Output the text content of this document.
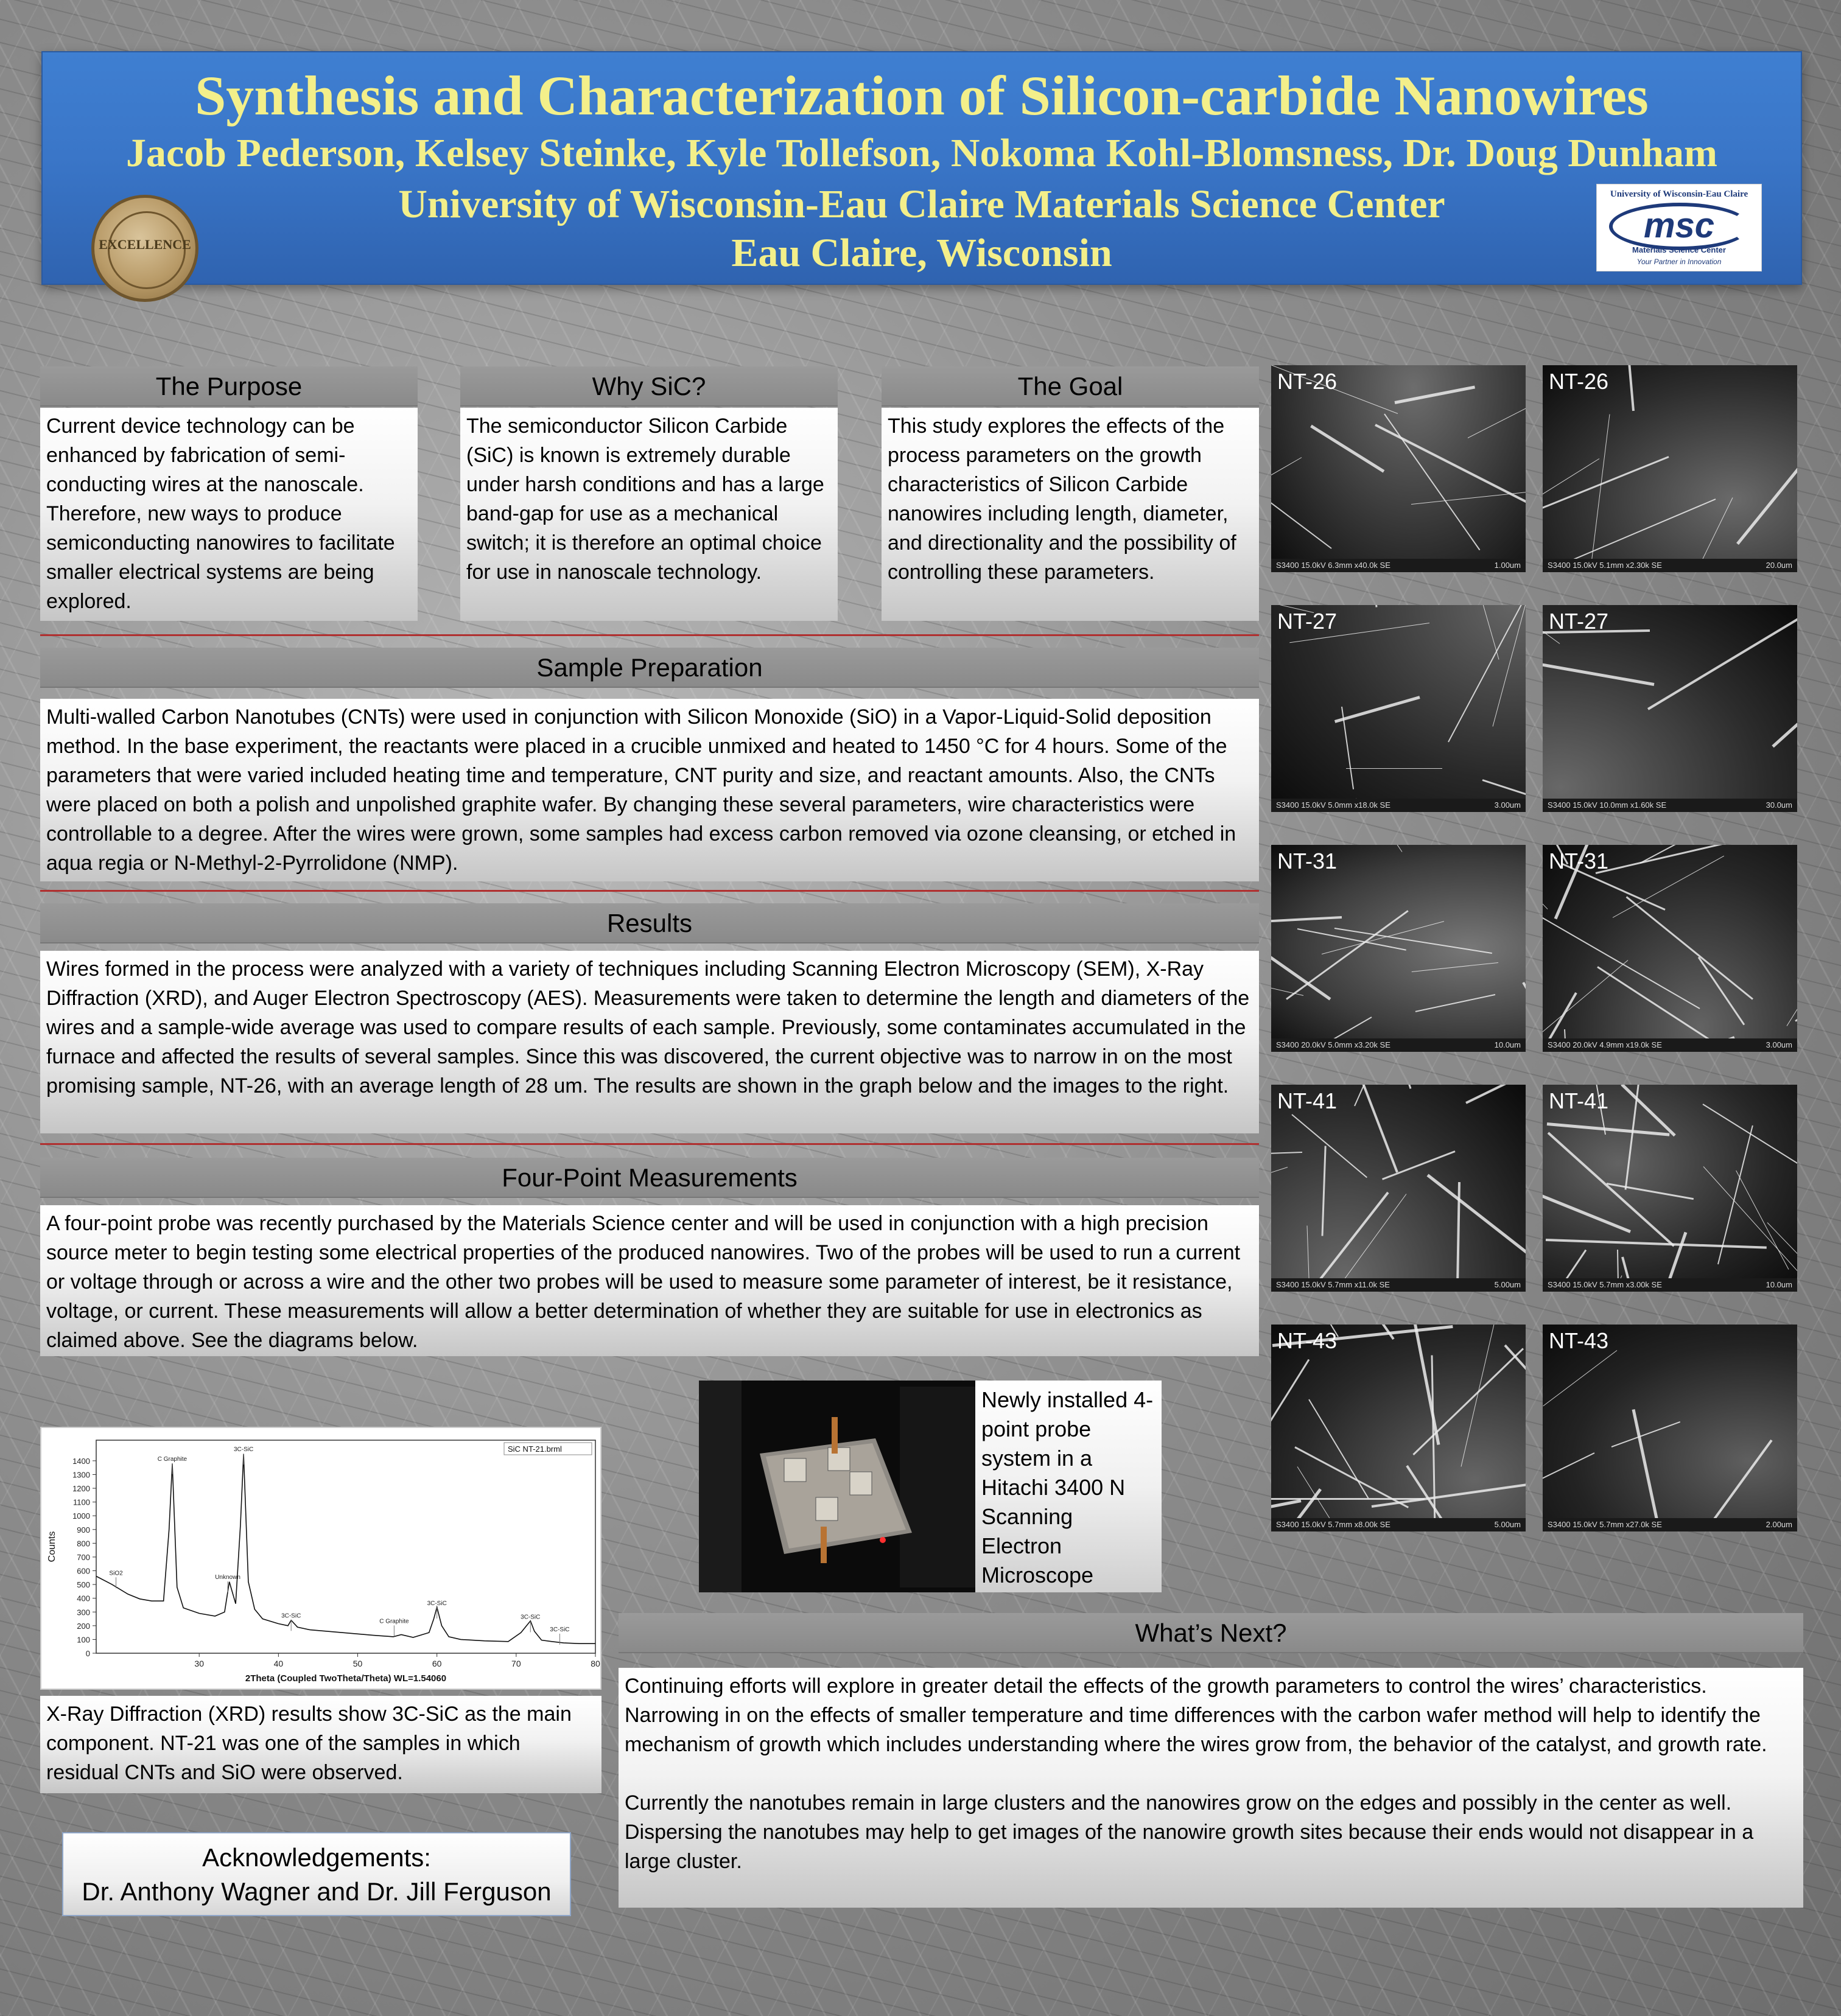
Synthesis and Characterization of Silicon-carbide Nanowires
Jacob Pederson, Kelsey Steinke, Kyle Tollefson, Nokoma Kohl-Blomsness, Dr. Doug Dunham
University of Wisconsin-Eau Claire Materials Science Center
Eau Claire, Wisconsin
EXCELLENCE
University of Wisconsin-Eau Claire
msc
Materials Science Center
Your Partner in Innovation
The Purpose
Current device technology can be enhanced by fabrication of semi-conducting wires at the nanoscale. Therefore, new ways to produce semiconducting nanowires to facilitate smaller electrical systems are being explored.
Why SiC?
The semiconductor Silicon Carbide (SiC) is known is extremely durable under harsh conditions and has a large band-gap for use as a mechanical switch; it is therefore an optimal choice for use in nanoscale technology.
The Goal
This study explores the effects of the process parameters on the growth characteristics of Silicon Carbide nanowires including length, diameter, and directionality and the possibility of controlling these parameters.
Sample Preparation
Multi-walled Carbon Nanotubes (CNTs) were used in conjunction with Silicon Monoxide (SiO) in a Vapor-Liquid-Solid deposition method. In the base experiment, the reactants were placed in a crucible unmixed and heated to 1450 °C for 4 hours. Some of the parameters that were varied included heating time and temperature, CNT purity and size, and reactant amounts. Also, the CNTs were placed on both a polish and unpolished graphite wafer. By changing these several parameters, wire characteristics were controllable to a degree. After the wires were grown, some samples had excess carbon removed via ozone cleansing, or etched in aqua regia or N-Methyl-2-Pyrrolidone (NMP).
Results
Wires formed in the process were analyzed with a variety of techniques including Scanning Electron Microscopy (SEM), X-Ray Diffraction (XRD), and Auger Electron Spectroscopy (AES). Measurements were taken to determine the length and diameters of the wires and a sample-wide average was used to compare results of each sample. Previously, some contaminates accumulated in the furnace and affected the results of several samples. Since this was discovered, the current objective was to narrow in on the most promising sample, NT-26, with an average length of 28 um. The results are shown in the graph below and the images to the right.
Four-Point Measurements
A four-point probe was recently purchased by the Materials Science center and will be used in conjunction with a high precision source meter to begin testing some electrical properties of the produced nanowires. Two of the probes will be used to run a current or voltage through or across a wire and the other two probes will be used to measure some parameter of interest, be it resistance, voltage, or current. These measurements will allow a better determination of whether they are suitable for use in electronics as claimed above. See the diagrams below.
0
100
200
300
400
500
600
700
800
900
1000
1100
1200
1300
1400
30	40	50	60	70	80
2Theta (Coupled TwoTheta/Theta) WL=1.54060
Counts
SiC NT-21.brml
C Graphite
3C-SiC
SiO2
Unknown
3C-SiC
C Graphite
3C-SiC
3C-SiC
3C-SiC
X-Ray Diffraction (XRD) results show 3C-SiC as the main component. NT-21 was one of the samples in which residual CNTs and SiO were observed.
Newly installed 4-point probe system in a Hitachi 3400 N Scanning Electron Microscope
What’s Next?
Continuing efforts will explore in greater detail the effects of the growth parameters to control the wires’ characteristics. Narrowing in on the effects of smaller temperature and time differences with the carbon wafer method will help to identify the mechanism of growth which includes understanding where the wires grow from, the behavior of the catalyst, and growth rate.
Currently the nanotubes remain in large clusters and the nanowires grow on the edges and possibly in the center as well. Dispersing the nanotubes may help to get images of the nanowire growth sites because their ends would not disappear in a large cluster.
Acknowledgements:
Dr. Anthony Wagner and Dr. Jill Ferguson
S3400 15.0kV 6.3mm x40.0k SE	1.00um
NT-26
S3400 15.0kV 5.1mm x2.30k SE	20.0um
NT-26
S3400 15.0kV 5.0mm x18.0k SE	3.00um
NT-27
S3400 15.0kV 10.0mm x1.60k SE	30.0um
NT-27
S3400 20.0kV 5.0mm x3.20k SE	10.0um
NT-31
S3400 20.0kV 4.9mm x19.0k SE	3.00um
NT-31
S3400 15.0kV 5.7mm x11.0k SE	5.00um
NT-41
S3400 15.0kV 5.7mm x3.00k SE	10.0um
NT-41
S3400 15.0kV 5.7mm x8.00k SE	5.00um
NT-43
S3400 15.0kV 5.7mm x27.0k SE	2.00um
NT-43
